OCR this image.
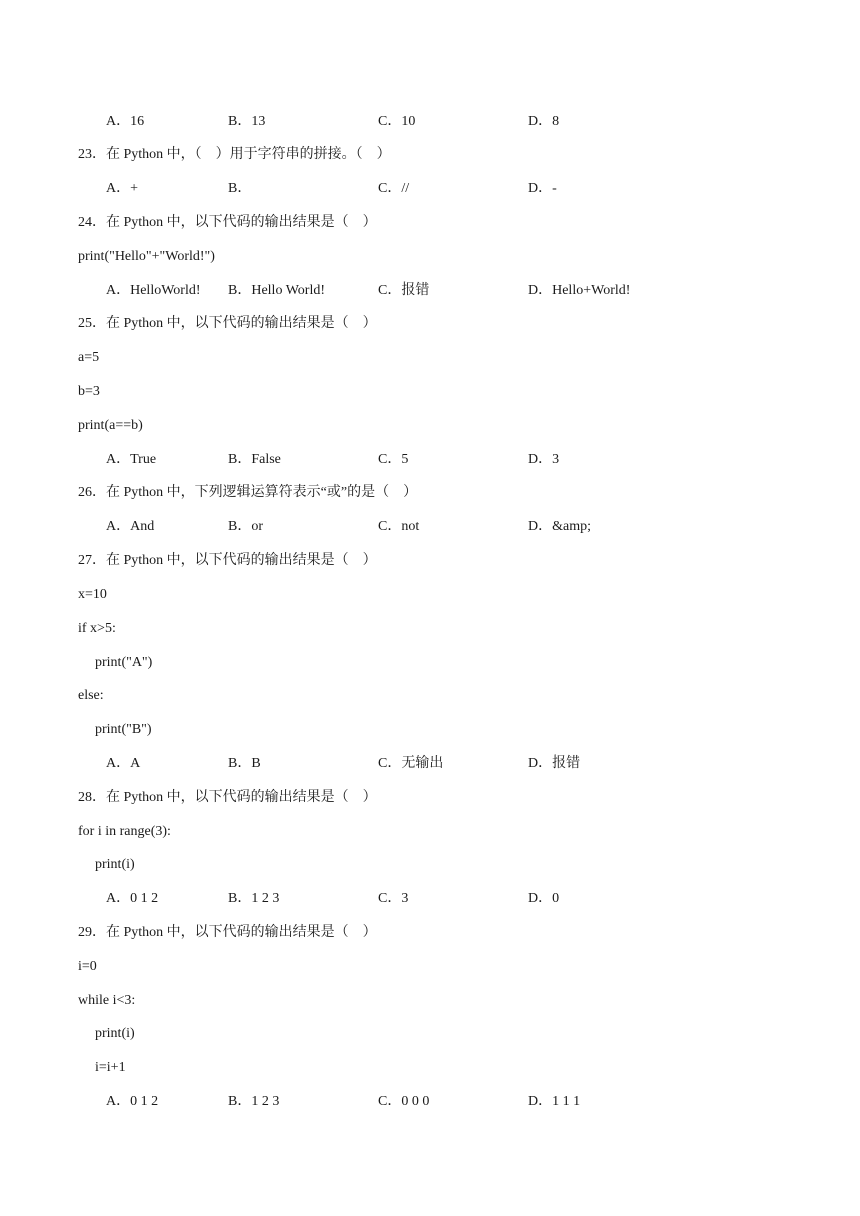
A．16	B．13	C．10	D．8
23．在 Python 中，（    ）用于字符串的拼接。（    ）
A．+	B．	C．//	D．-
24．在 Python 中，以下代码的输出结果是（    ）
print("Hello"+"World!")
A．HelloWorld! B．Hello World!	C．报错	D．Hello+World!
25．在 Python 中，以下代码的输出结果是（    ）
a=5
b=3
print(a==b)
A．True	B．False	C．5	D．3
26．在 Python 中，下列逻辑运算符表示“或”的是（    ）
A．And	B．or	C．not	D．&amp;
27．在 Python 中，以下代码的输出结果是（    ）
x=10
if x>5:
print("A")
else:
print("B")
A．A	B．B	C．无输出	D．报错
28．在 Python 中，以下代码的输出结果是（    ）
for i in range(3):
print(i)
A．0 1 2	B．1 2 3	C．3	D．0
29．在 Python 中，以下代码的输出结果是（    ）
i=0
while i<3:
print(i)
i=i+1
A．0 1 2	B．1 2 3	C．0 0 0	D．1 1 1
